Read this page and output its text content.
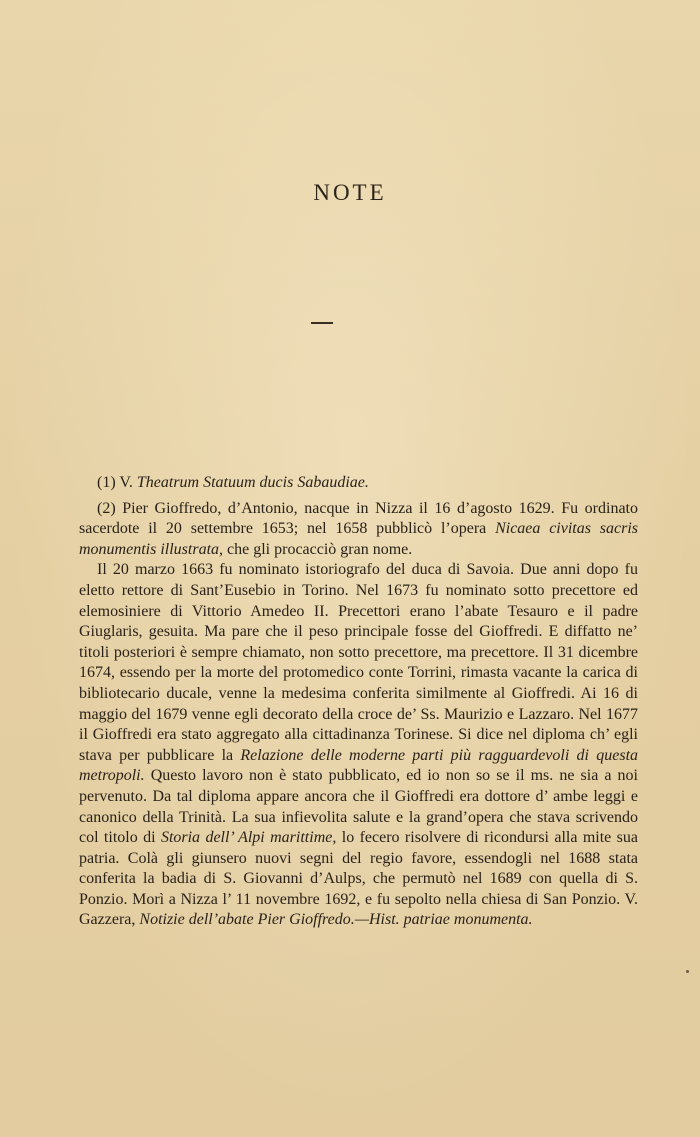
NOTE

(1) V. Theatrum Statuum ducis Sabaudiae.

(2) Pier Gioffredo, d’Antonio, nacque in Nizza il 16 d’agosto 1629. Fu ordinato sacerdote il 20 settembre 1653; nel 1658 pubblicò l’opera Nicaea civitas sacris monumentis illustrata, che gli procacciò gran nome.

Il 20 marzo 1663 fu nominato istoriografo del duca di Savoia. Due anni dopo fu eletto rettore di Sant’Eusebio in Torino. Nel 1673 fu nominato sotto precettore ed elemosiniere di Vittorio Amedeo II. Precettori erano l’abate Tesauro e il padre Giuglaris, gesuita. Ma pare che il peso principale fosse del Gioffredi. E diffatto ne’ titoli posteriori è sempre chiamato, non sotto precettore, ma precettore. Il 31 dicembre 1674, essendo per la morte del protomedico conte Torrini, rimasta vacante la carica di bibliotecario ducale, venne la medesima conferita similmente al Gioffredi. Ai 16 di maggio del 1679 venne egli decorato della croce de’ Ss. Maurizio e Lazzaro. Nel 1677 il Gioffredi era stato aggregato alla cittadinanza Torinese. Si dice nel diploma ch’ egli stava per pubblicare la Relazione delle moderne parti più ragguardevoli di questa metropoli. Questo lavoro non è stato pubblicato, ed io non so se il ms. ne sia a noi pervenuto. Da tal diploma appare ancora che il Gioffredi era dottore d’ ambe leggi e canonico della Trinità. La sua infievolita salute e la grand’opera che stava scrivendo col titolo di Storia dell’ Alpi marittime, lo fecero risolvere di ricondursi alla mite sua patria. Colà gli giunsero nuovi segni del regio favore, essendogli nel 1688 stata conferita la badia di S. Giovanni d’Aulps, che permutò nel 1689 con quella di S. Ponzio. Morì a Nizza l’ 11 novembre 1692, e fu sepolto nella chiesa di San Ponzio. V. Gazzera, Notizie dell’abate Pier Gioffredo.—Hist. patriae monumenta.
